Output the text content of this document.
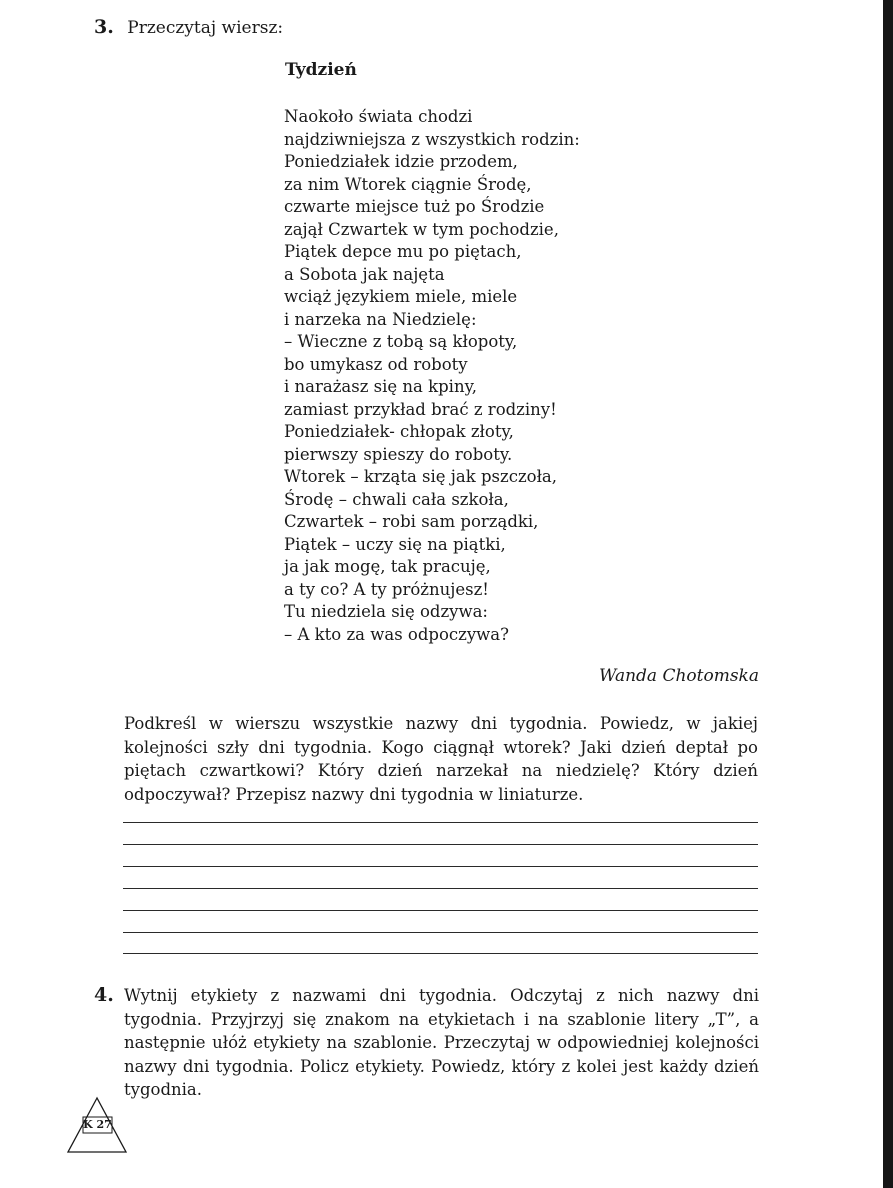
3. Przeczytaj wiersz:
Tydzień
Naokoło świata chodzi
najdziwniejsza z wszystkich rodzin:
Poniedziałek idzie przodem,
za nim Wtorek ciągnie Środę,
czwarte miejsce tuż po Środzie
zajął Czwartek w tym pochodzie,
Piątek depce mu po piętach,
a Sobota jak najęta
wciąż językiem miele, miele
i narzeka na Niedzielę:
– Wieczne z tobą są kłopoty,
bo umykasz od roboty
i narażasz się na kpiny,
zamiast przykład brać z rodziny!
Poniedziałek- chłopak złoty,
pierwszy spieszy do roboty.
Wtorek – krząta się jak pszczoła,
Środę – chwali cała szkoła,
Czwartek – robi sam porządki,
Piątek – uczy się na piątki,
ja jak mogę, tak pracuję,
a ty co? A ty próżnujesz!
Tu niedziela się odzywa:
– A kto za was odpoczywa?
Wanda Chotomska
Podkreśl w wierszu wszystkie nazwy dni tygodnia. Powiedz, w jakiej kolejności szły dni tygodnia. Kogo ciągnął wtorek? Jaki dzień deptał po piętach czwartkowi? Który dzień narzekał na niedzielę? Który dzień odpoczywał? Przepisz nazwy dni tygodnia w liniaturze.
4. Wytnij etykiety z nazwami dni tygodnia. Odczytaj z nich nazwy dni tygodnia. Przyjrzyj się znakom na etykietach i na szablonie litery „T”, a następnie ułóż etykiety na szablonie. Przeczytaj w odpowiedniej kolejności nazwy dni tygodnia. Policz etykiety. Powiedz, który z kolei jest każdy dzień tygodnia.
K 27
